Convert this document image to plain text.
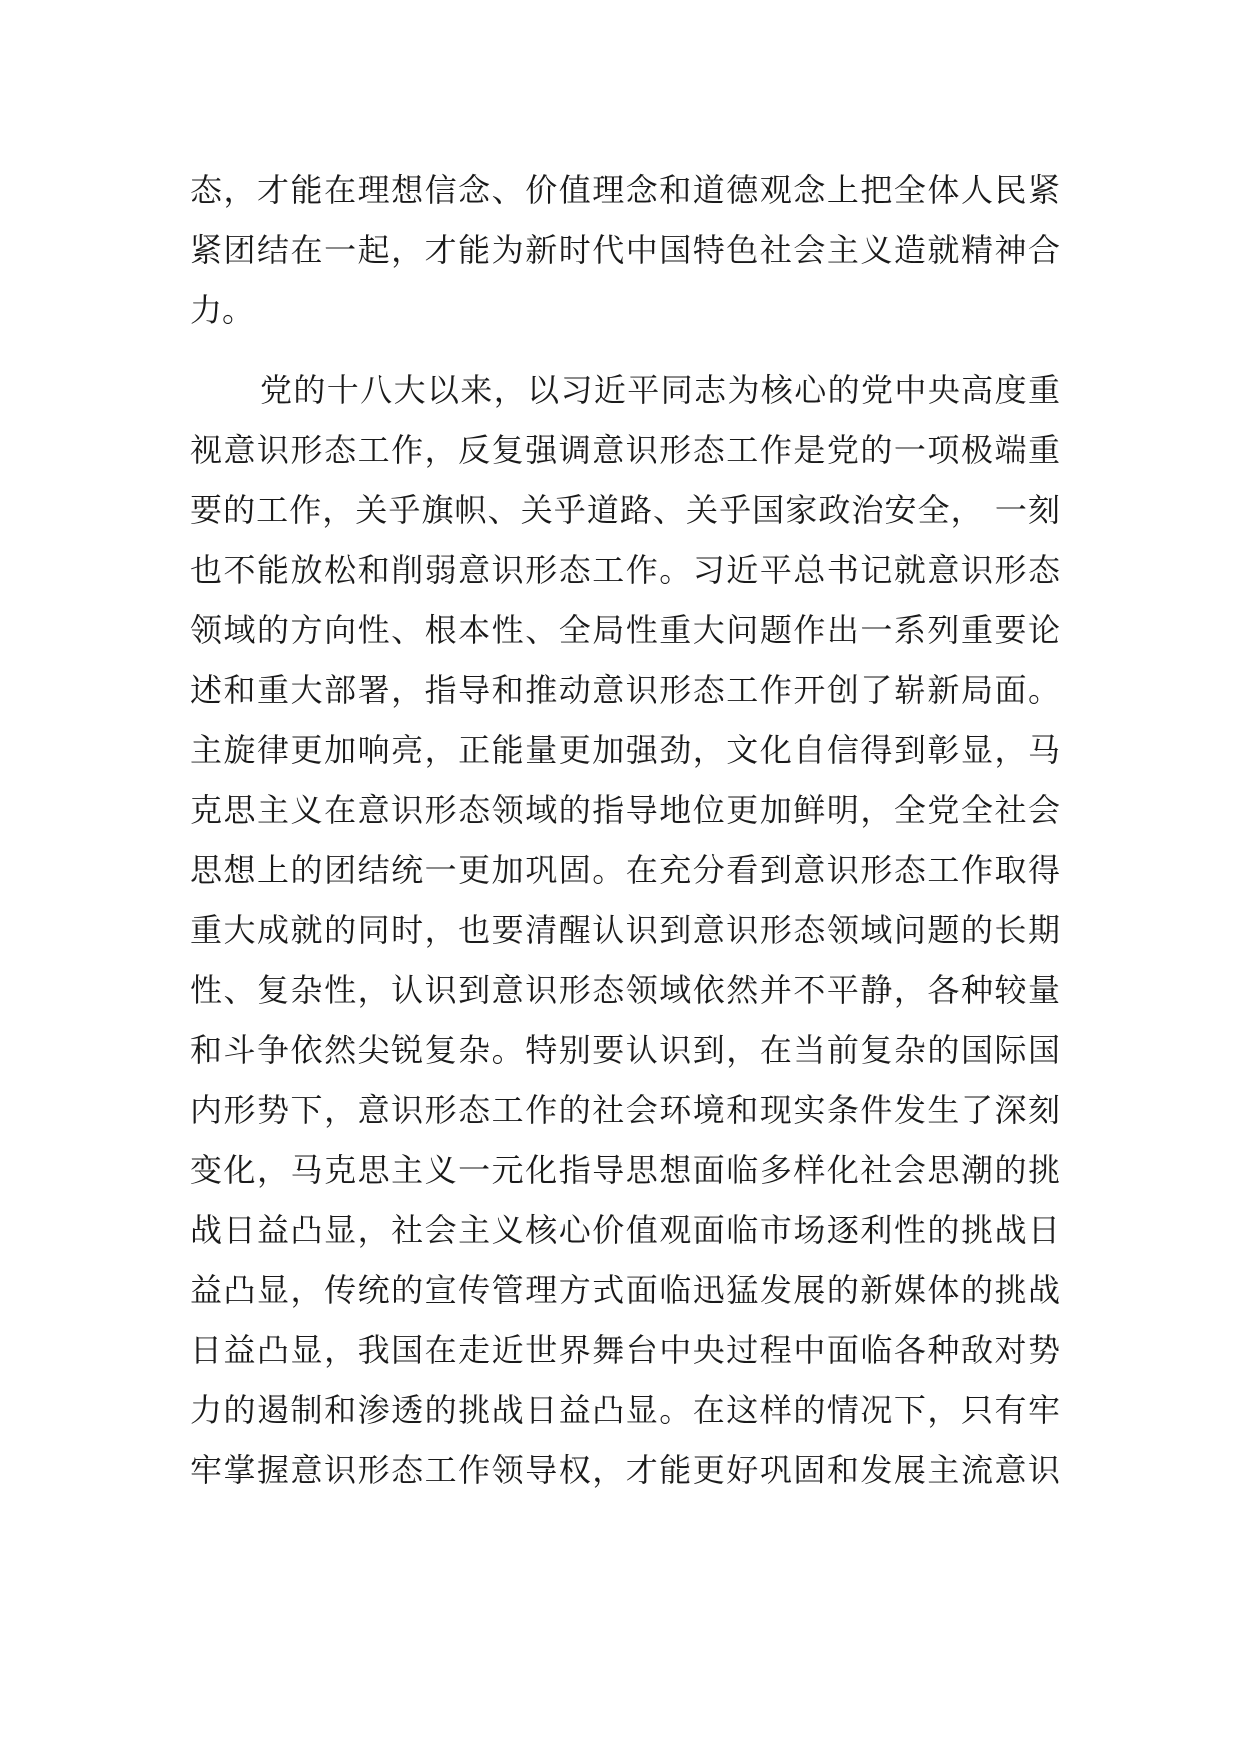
态，才能在理想信念、价值理念和道德观念上把全体人民紧
紧团结在一起，才能为新时代中国特色社会主义造就精神合
力。
党的十八大以来，以习近平同志为核心的党中央高度重
视意识形态工作，反复强调意识形态工作是党的一项极端重
要的工作，关乎旗帜、关乎道路、关乎国家政治安全， 一刻
也不能放松和削弱意识形态工作。习近平总书记就意识形态
领域的方向性、根本性、全局性重大问题作出一系列重要论
述和重大部署，指导和推动意识形态工作开创了崭新局面。
主旋律更加响亮，正能量更加强劲，文化自信得到彰显，马
克思主义在意识形态领域的指导地位更加鲜明，全党全社会
思想上的团结统一更加巩固。在充分看到意识形态工作取得
重大成就的同时，也要清醒认识到意识形态领域问题的长期
性、复杂性，认识到意识形态领域依然并不平静，各种较量
和斗争依然尖锐复杂。特别要认识到，在当前复杂的国际国
内形势下，意识形态工作的社会环境和现实条件发生了深刻
变化，马克思主义一元化指导思想面临多样化社会思潮的挑
战日益凸显，社会主义核心价值观面临市场逐利性的挑战日
益凸显，传统的宣传管理方式面临迅猛发展的新媒体的挑战
日益凸显，我国在走近世界舞台中央过程中面临各种敌对势
力的遏制和渗透的挑战日益凸显。在这样的情况下，只有牢
牢掌握意识形态工作领导权，才能更好巩固和发展主流意识
